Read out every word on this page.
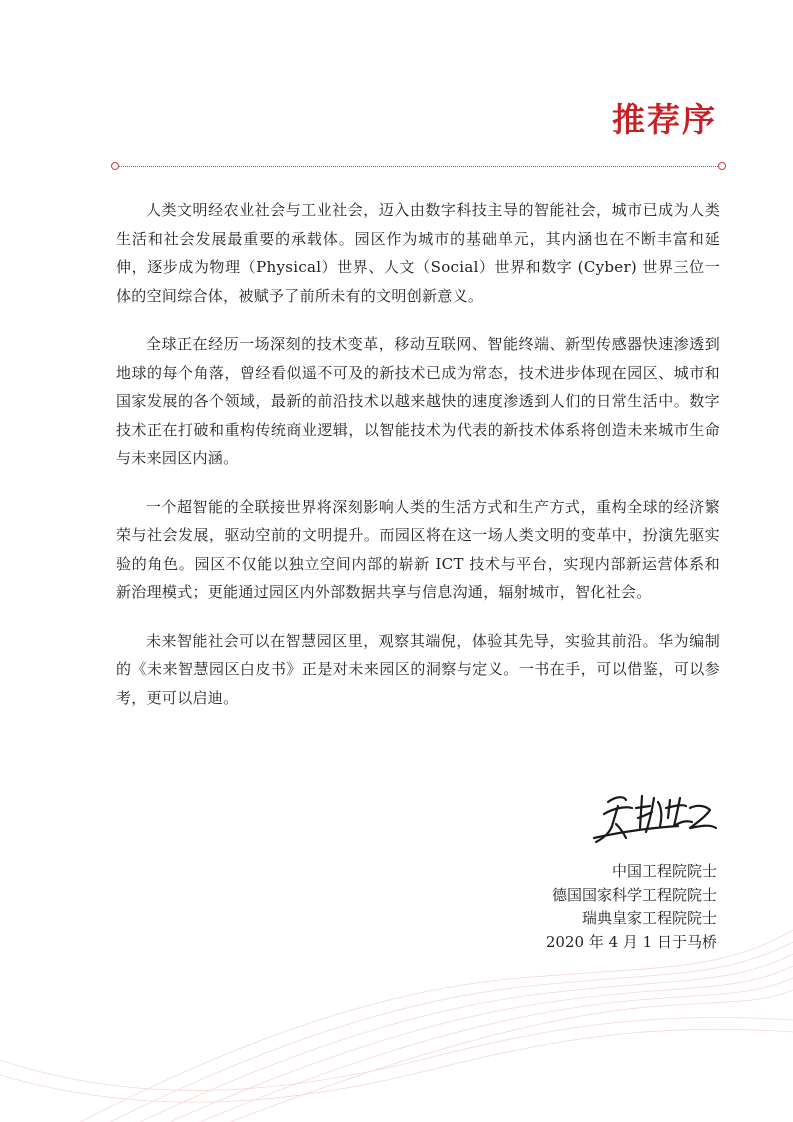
推荐序

人类文明经农业社会与工业社会，迈入由数字科技主导的智能社会，城市已成为人类生活和社会发展最重要的承载体。园区作为城市的基础单元，其内涵也在不断丰富和延伸，逐步成为物理（Physical）世界、人文（Social）世界和数字 (Cyber) 世界三位一体的空间综合体，被赋予了前所未有的文明创新意义。

全球正在经历一场深刻的技术变革，移动互联网、智能终端、新型传感器快速渗透到地球的每个角落，曾经看似遥不可及的新技术已成为常态，技术进步体现在园区、城市和国家发展的各个领域，最新的前沿技术以越来越快的速度渗透到人们的日常生活中。数字技术正在打破和重构传统商业逻辑，以智能技术为代表的新技术体系将创造未来城市生命与未来园区内涵。

一个超智能的全联接世界将深刻影响人类的生活方式和生产方式，重构全球的经济繁荣与社会发展，驱动空前的文明提升。而园区将在这一场人类文明的变革中，扮演先驱实验的角色。园区不仅能以独立空间内部的崭新 ICT 技术与平台，实现内部新运营体系和新治理模式；更能通过园区内外部数据共享与信息沟通，辐射城市，智化社会。

未来智能社会可以在智慧园区里，观察其端倪，体验其先导，实验其前沿。华为编制的《未来智慧园区白皮书》正是对未来园区的洞察与定义。一书在手，可以借鉴，可以参考，更可以启迪。

中国工程院院士
德国国家科学工程院院士
瑞典皇家工程院院士
2020 年 4 月 1 日于马桥
